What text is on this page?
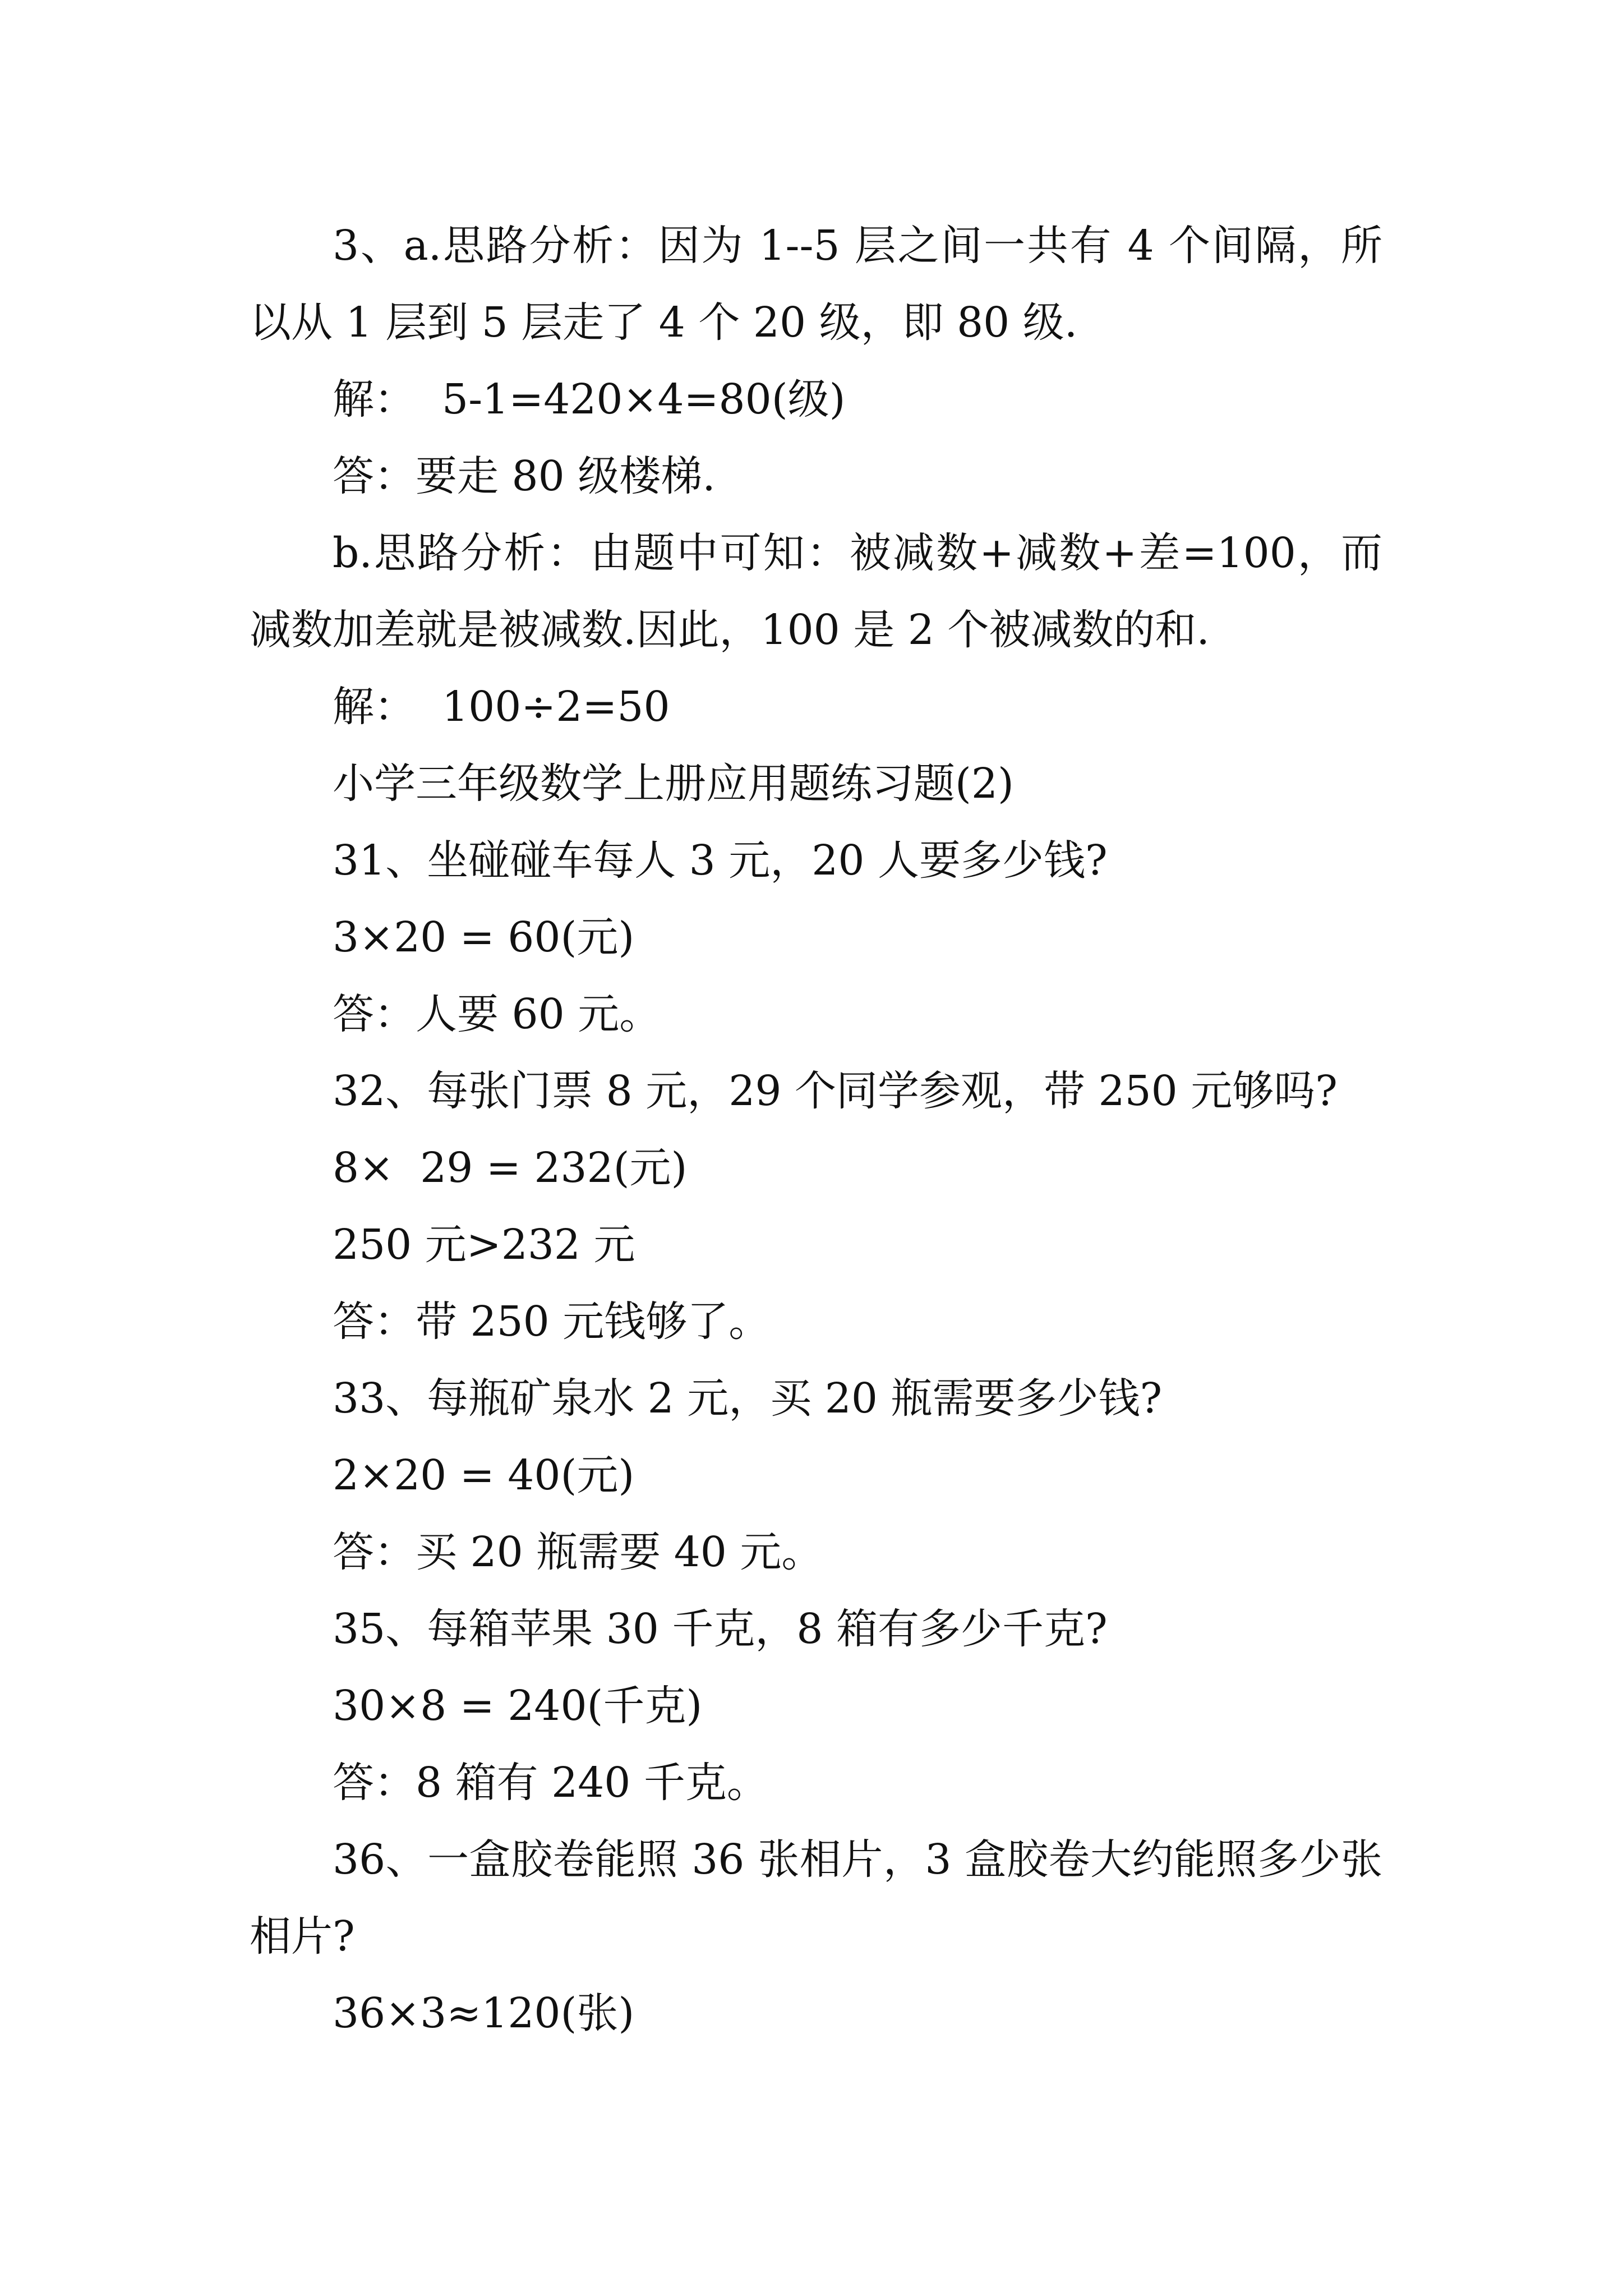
3、a.思路分析：因为 1--5 层之间一共有 4 个间隔，所以从 1 层到 5 层走了 4 个 20 级，即 80 级.

解：  5-1=420×4=80(级)

答：要走 80 级楼梯.

b.思路分析：由题中可知：被减数+减数+差=100，而减数加差就是被减数.因此，100 是 2 个被减数的和.

解：  100÷2=50

小学三年级数学上册应用题练习题(2)

31、坐碰碰车每人 3 元，20 人要多少钱?

3×20 = 60(元)

答：人要 60 元。

32、每张门票 8 元，29 个同学参观，带 250 元够吗?

8×  29 = 232(元)

250 元>232 元

答：带 250 元钱够了。

33、每瓶矿泉水 2 元，买 20 瓶需要多少钱?

2×20 = 40(元)

答：买 20 瓶需要 40 元。

35、每箱苹果 30 千克，8 箱有多少千克?

30×8 = 240(千克)

答：8 箱有 240 千克。

36、一盒胶卷能照 36 张相片，3 盒胶卷大约能照多少张相片?

36×3≈120(张)
